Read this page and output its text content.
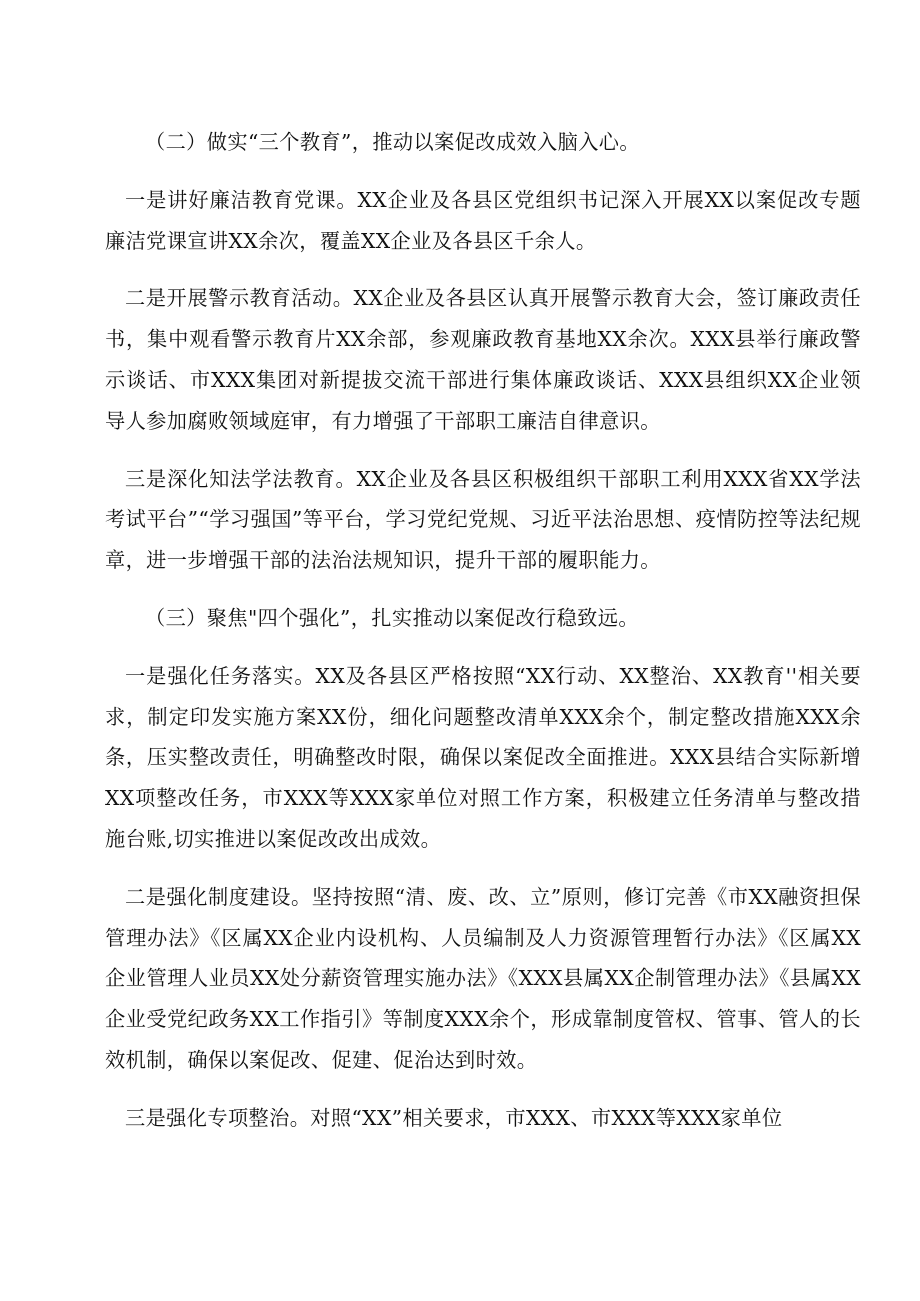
（二）做实“三个教育”，推动以案促改成效入脑入心。

一是讲好廉洁教育党课。XX企业及各县区党组织书记深入开展XX以案促改专题廉洁党课宣讲XX余次，覆盖XX企业及各县区千余人。

二是开展警示教育活动。XX企业及各县区认真开展警示教育大会，签订廉政责任书，集中观看警示教育片XX余部，参观廉政教育基地XX余次。XXX县举行廉政警示谈话、市XXX集团对新提拔交流干部进行集体廉政谈话、XXX县组织XX企业领导人参加腐败领域庭审，有力增强了干部职工廉洁自律意识。

三是深化知法学法教育。XX企业及各县区积极组织干部职工利用XXX省XX学法考试平台”“学习强国”等平台，学习党纪党规、习近平法治思想、疫情防控等法纪规章，进一步增强干部的法治法规知识，提升干部的履职能力。

（三）聚焦"四个强化”，扎实推动以案促改行稳致远。

一是强化任务落实。XX及各县区严格按照“XX行动、XX整治、XX教育''相关要求，制定印发实施方案XX份，细化问题整改清单XXX余个，制定整改措施XXX余条，压实整改责任，明确整改时限，确保以案促改全面推进。XXX县结合实际新增XX项整改任务，市XXX等XXX家单位对照工作方案，积极建立任务清单与整改措施台账,切实推进以案促改改出成效。

二是强化制度建设。坚持按照“清、废、改、立”原则，修订完善《市XX融资担保管理办法》《区属XX企业内设机构、人员编制及人力资源管理暂行办法》《区属XX企业管理人业员XX处分薪资管理实施办法》《XXX县属XX企制管理办法》《县属XX企业受党纪政务XX工作指引》等制度XXX余个，形成靠制度管权、管事、管人的长效机制，确保以案促改、促建、促治达到时效。

三是强化专项整治。对照“XX”相关要求，市XXX、市XXX等XXX家单位
